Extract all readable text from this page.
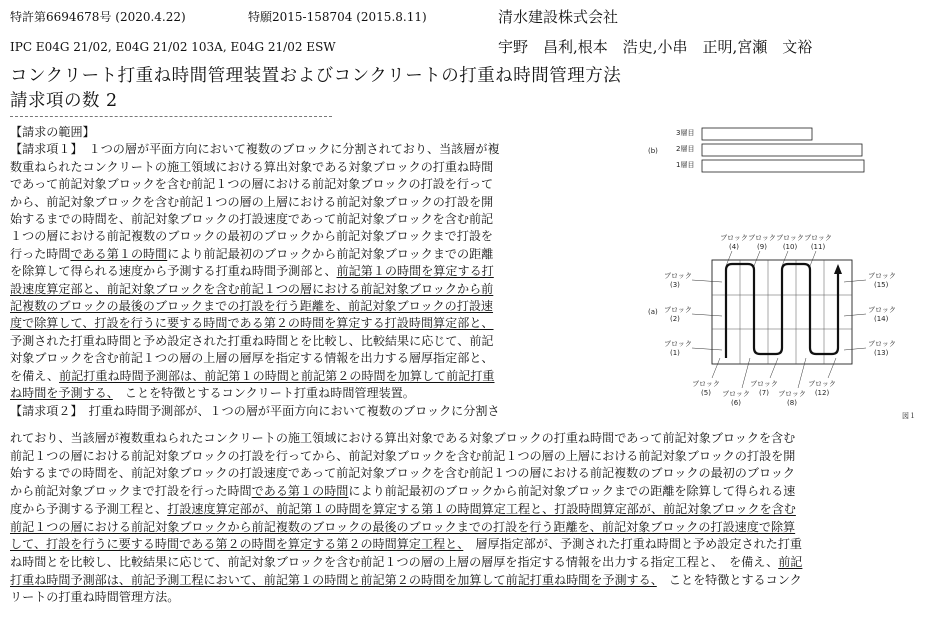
特許第6694678号 (2020.4.22)	特願2015-158704 (2015.8.11)	清水建設株式会社
IPC E04G 21/02, E04G 21/02 103A, E04G 21/02 ESW	宇野　昌利,根本　浩史,小串　正明,宮瀬　文裕
コンクリート打重ね時間管理装置およびコンクリートの打重ね時間管理方法
請求項の数 2
【請求の範囲】
【請求項１】　１つの層が平面方向において複数のブロックに分割されており、当該層が複
数重ねられたコンクリートの施工領域における算出対象である対象ブロックの打重ね時間
であって前記対象ブロックを含む前記１つの層における前記対象ブロックの打設を行って
から、前記対象ブロックを含む前記１つの層の上層における前記対象ブロックの打設を開
始するまでの時間を、前記対象ブロックの打設速度であって前記対象ブロックを含む前記
１つの層における前記複数のブロックの最初のブロックから前記対象ブロックまで打設を
行った時間である第１の時間により前記最初のブロックから前記対象ブロックまでの距離
を除算して得られる速度から予測する打重ね時間予測部と、前記第１の時間を算定する打
設速度算定部と、前記対象ブロックを含む前記１つの層における前記対象ブロックから前
記複数のブロックの最後のブロックまでの打設を行う距離を、前記対象ブロックの打設速
度で除算して、打設を行うに要する時間である第２の時間を算定する打設時間算定部と、
予測された打重ね時間と予め設定された打重ね時間とを比較し、比較結果に応じて、前記
対象ブロックを含む前記１つの層の上層の層厚を指定する情報を出力する層厚指定部と、
を備え、前記打重ね時間予測部は、前記第１の時間と前記第２の時間を加算して前記打重
ね時間を予測する、　ことを特徴とするコンクリート打重ね時間管理装置。
【請求項２】　打重ね時間予測部が、１つの層が平面方向において複数のブロックに分割さ
れており、当該層が複数重ねられたコンクリートの施工領域における算出対象である対象ブロックの打重ね時間であって前記対象ブロックを含む
前記１つの層における前記対象ブロックの打設を行ってから、前記対象ブロックを含む前記１つの層の上層における前記対象ブロックの打設を開
始するまでの時間を、前記対象ブロックの打設速度であって前記対象ブロックを含む前記１つの層における前記複数のブロックの最初のブロック
から前記対象ブロックまで打設を行った時間である第１の時間により前記最初のブロックから前記対象ブロックまでの距離を除算して得られる速
度から予測する予測工程と、打設速度算定部が、前記第１の時間を算定する第１の時間算定工程と、打設時間算定部が、前記対象ブロックを含む
前記１つの層における前記対象ブロックから前記複数のブロックの最後のブロックまでの打設を行う距離を、前記対象ブロックの打設速度で除算
して、打設を行うに要する時間である第２の時間を算定する第２の時間算定工程と、　層厚指定部が、予測された打重ね時間と予め設定された打重
ね時間とを比較し、比較結果に応じて、前記対象ブロックを含む前記１つの層の上層の層厚を指定する情報を出力する指定工程と、　を備え、前記
打重ね時間予測部は、前記予測工程において、前記第１の時間と前記第２の時間を加算して前記打重ね時間を予測する、　ことを特徴とするコンク
リートの打重ね時間管理方法。
(b)
3層目
2層目
1層目
(a)
ブロック
(4)
ブロック
(9)
ブロック
(10)
ブロック
(11)
ブロック
(3)
ブロック
(2)
ブロック
(1)
ブロック
(15)
ブロック
(14)
ブロック
(13)
ブロック
(5) ブロック
(6)
ブロック
(7) ブロック
(8)
ブロック
(12)
図１
